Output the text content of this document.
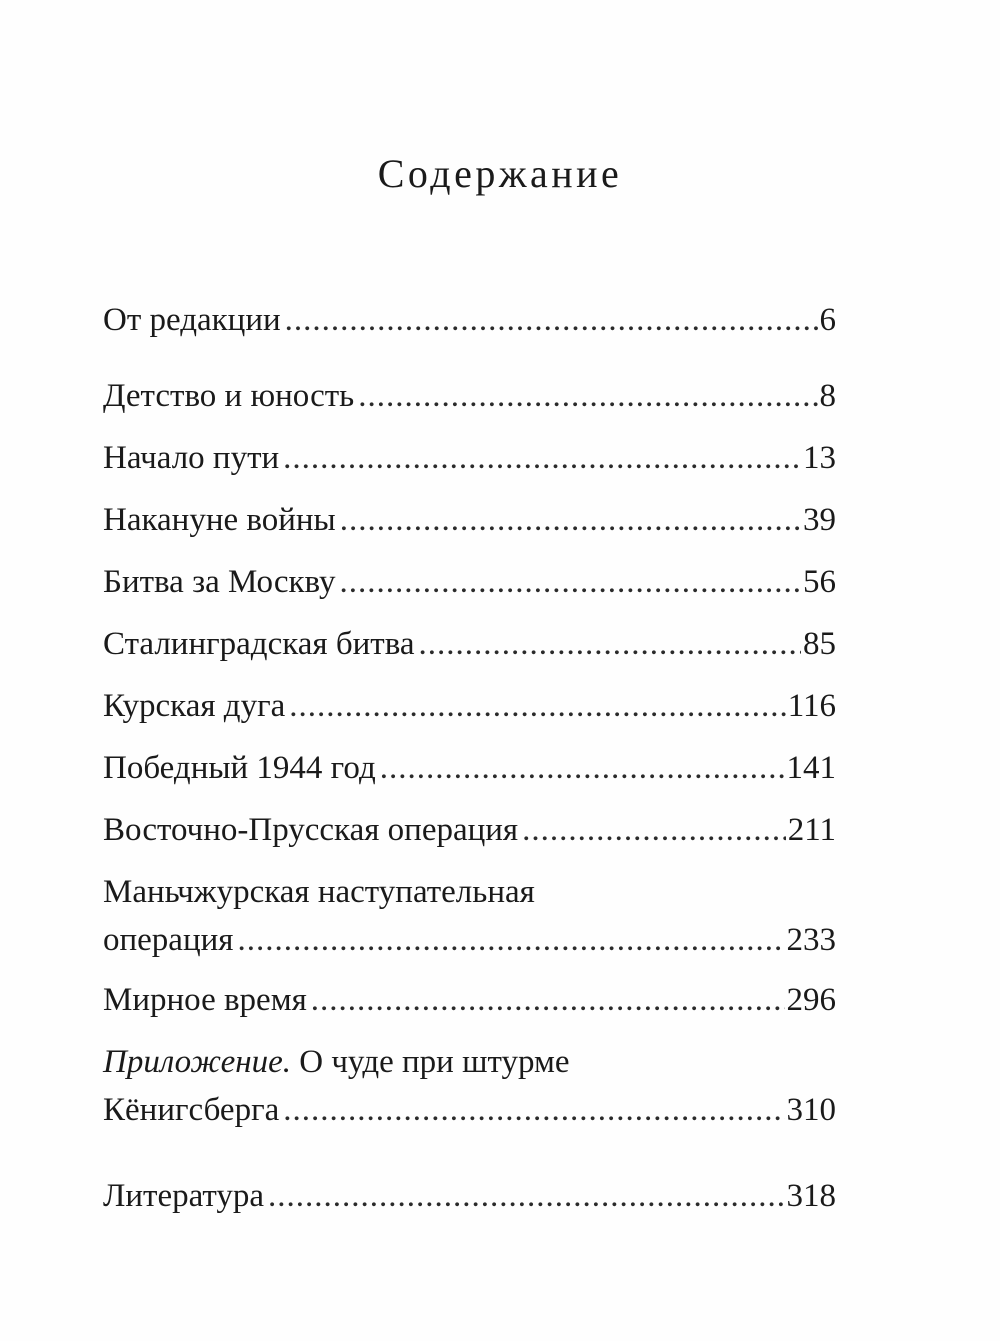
Содержание
От редакции .....	6
Детство и юность .....	8
Начало пути .....	13
Накануне войны .....	39
Битва за Москву .....	56
Сталинградская битва .....	85
Курская дуга .....	116
Победный 1944 год .....	141
Восточно-Прусская операция .....	211
Маньчжурская наступательная
операция .....	233
Мирное время .....	296
Приложение. О чуде при штурме
Кёнигсберга .....	310
Литература .....	318
